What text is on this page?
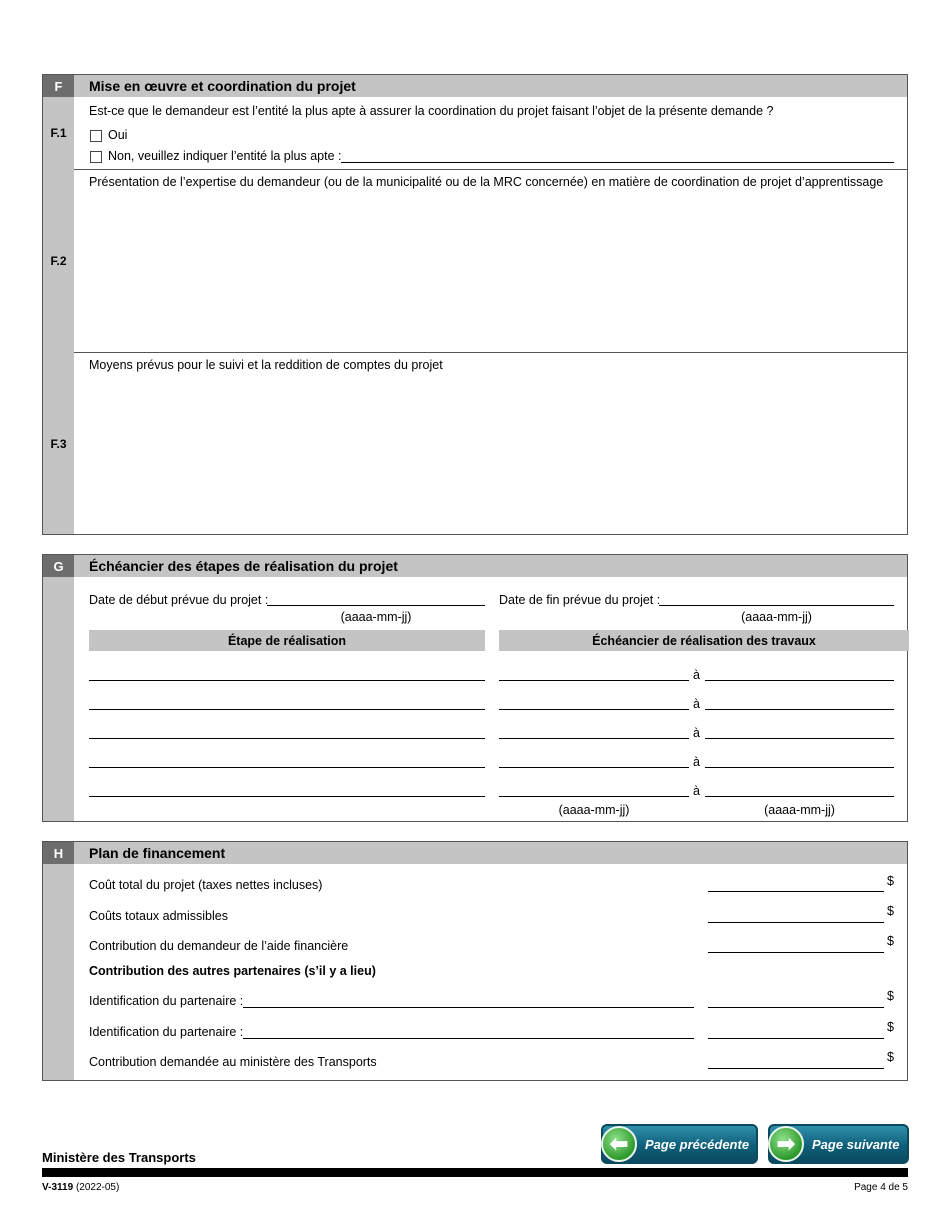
F	Mise en œuvre et coordination du projet
F.1
Est-ce que le demandeur est l’entité la plus apte à assurer la coordination du projet faisant l’objet de la présente demande ?
Oui
Non, veuillez indiquer l’entité la plus apte :
F.2
Présentation de l’expertise du demandeur (ou de la municipalité ou de la MRC concernée) en matière de coordination de projet d’apprentissage
F.3
Moyens prévus pour le suivi et la reddition de comptes du projet
G	Échéancier des étapes de réalisation du projet
Date de début prévue du projet :
(aaaa-mm-jj)
Date de fin prévue du projet :
(aaaa-mm-jj)
Étape de réalisation	Échéancier de réalisation des travaux
à
à
à
à
à
(aaaa-mm-jj)	(aaaa-mm-jj)
H	Plan de financement
Coût total du projet (taxes nettes incluses)	$
Coûts totaux admissibles	$
Contribution du demandeur de l’aide financière	$
Contribution des autres partenaires (s’il y a lieu)
Identification du partenaire :	$
Identification du partenaire :	$
Contribution demandée au ministère des Transports	$
⬅	Page précédente	➡	Page suivante
Ministère des Transports
V-3119 (2022-05)	Page 4 de 5
